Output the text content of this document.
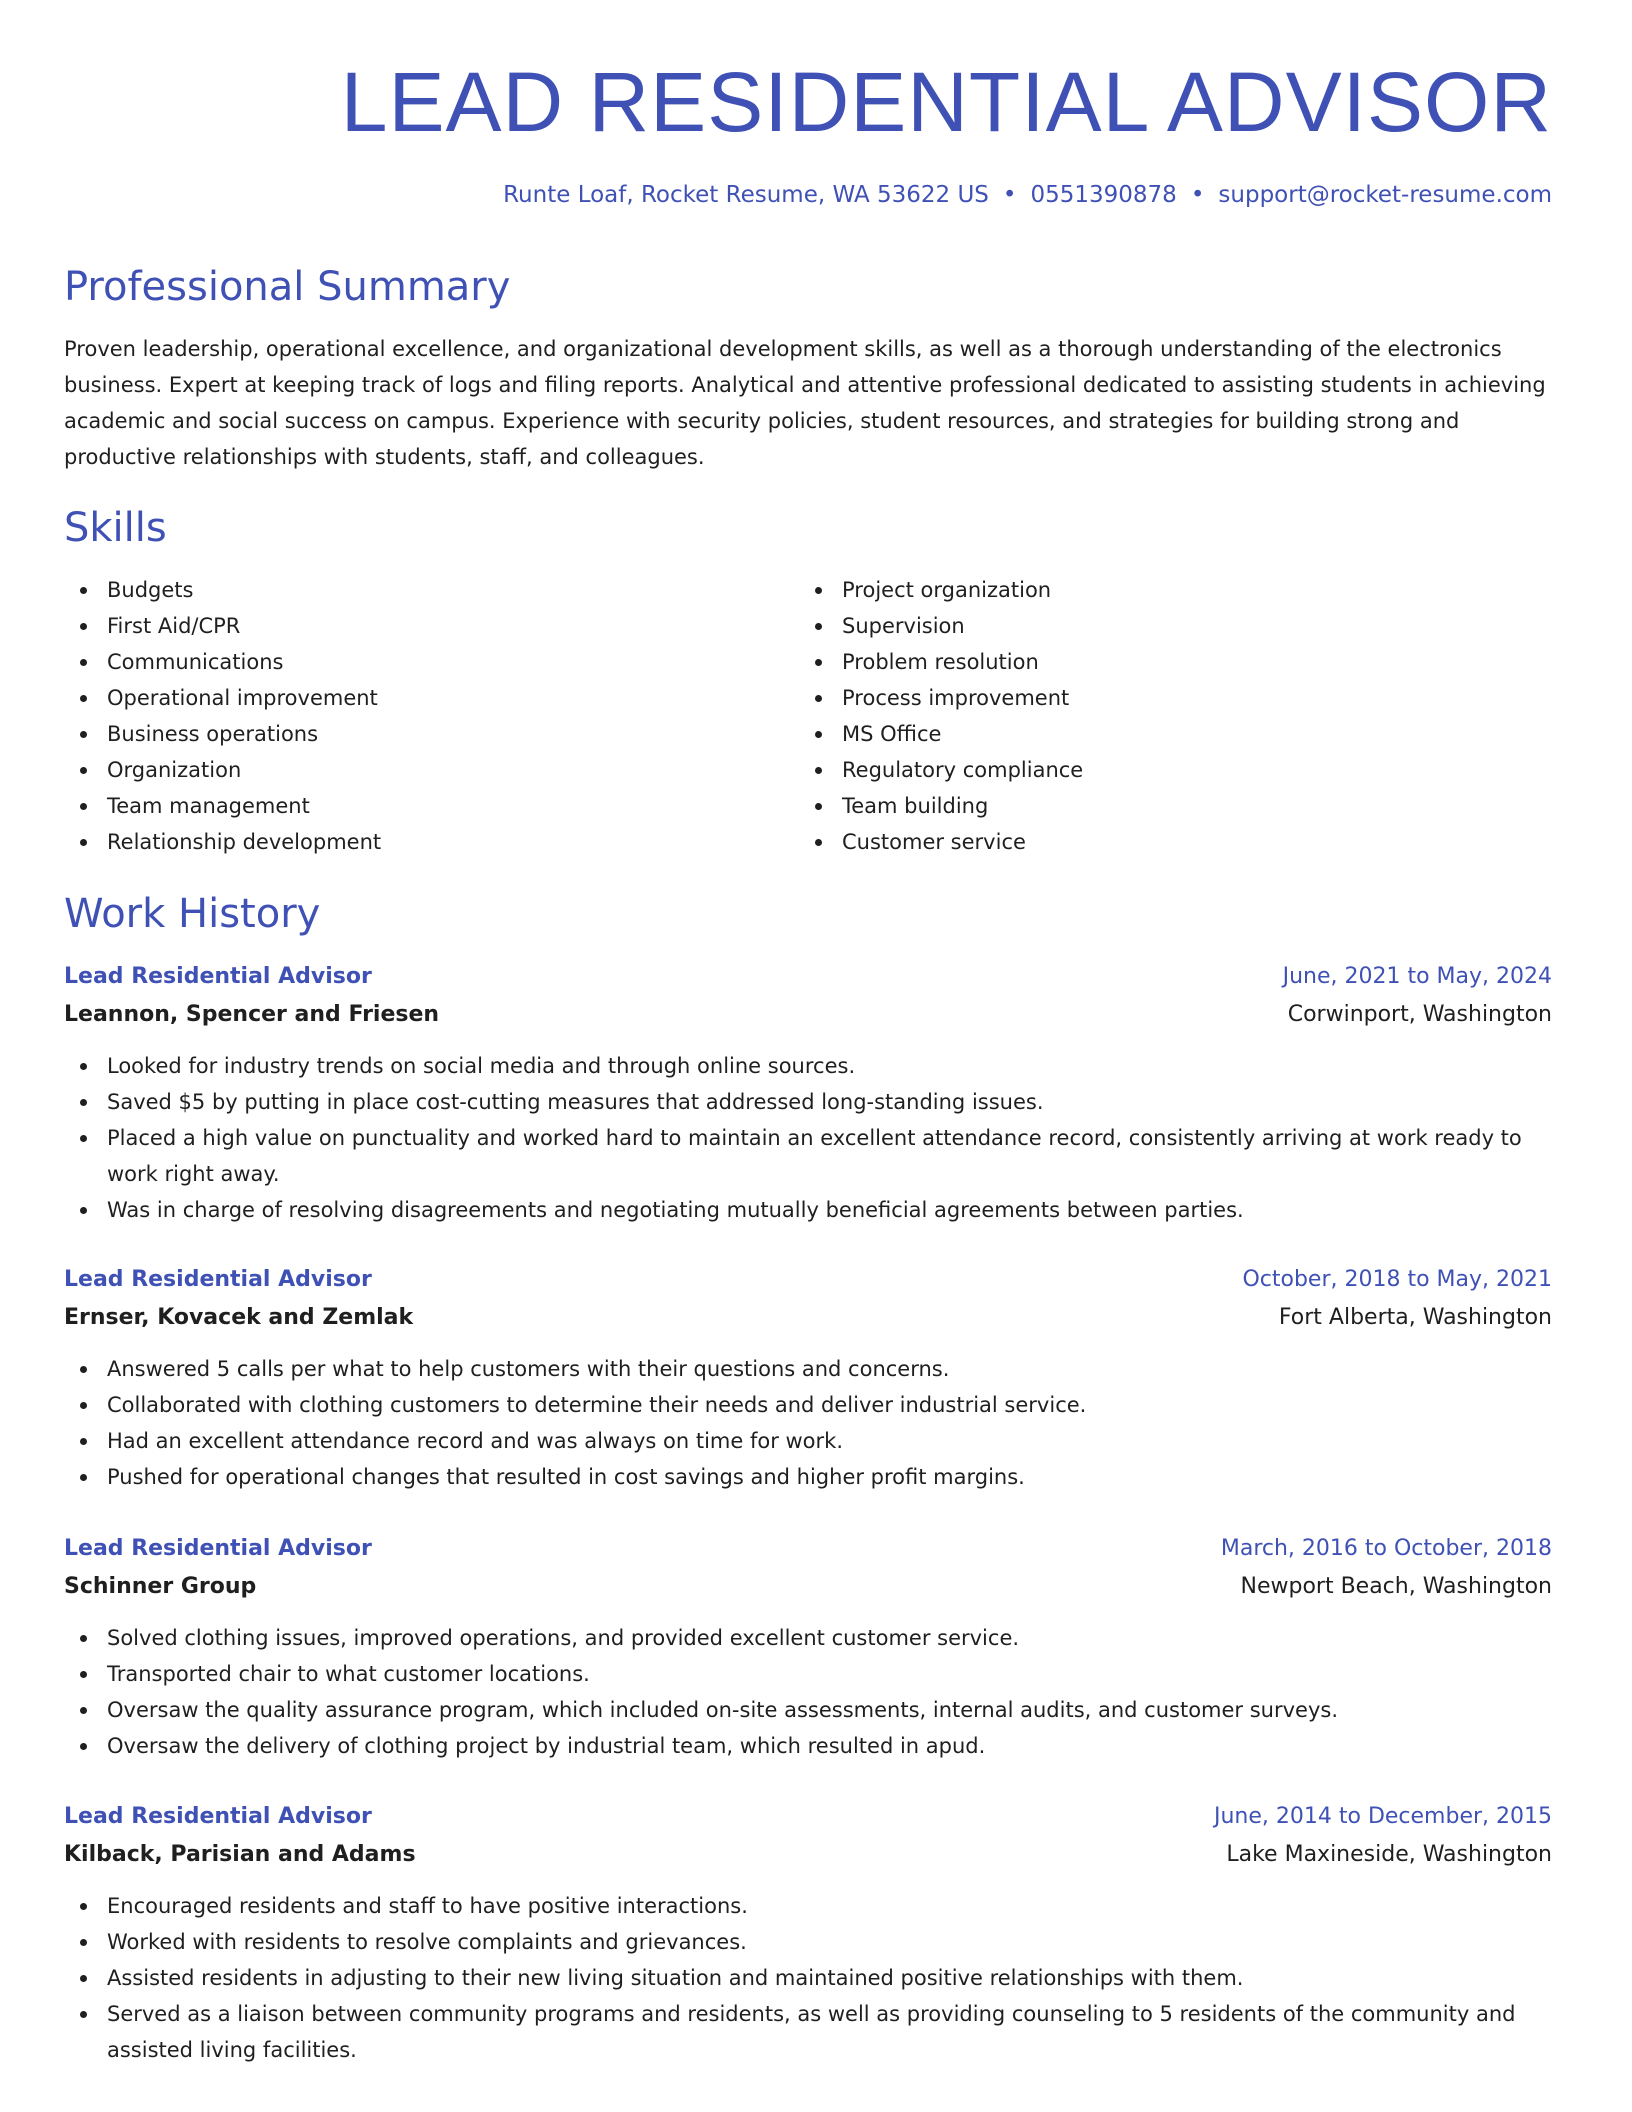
LEAD RESIDENTIAL ADVISOR
Runte Loaf, Rocket Resume, WA 53622 US • 0551390878 • support@rocket-resume.com
Professional Summary

Proven leadership, operational excellence, and organizational development skills, as well as a thorough understanding of the electronics business. Expert at keeping track of logs and filing reports. Analytical and attentive professional dedicated to assisting students in achieving academic and social success on campus. Experience with security policies, student resources, and strategies for building strong and productive relationships with students, staff, and colleagues.

Skills
Budgets
First Aid/CPR
Communications
Operational improvement
Business operations
Organization
Team management
Relationship development
Project organization
Supervision
Problem resolution
Process improvement
MS Office
Regulatory compliance
Team building
Customer service
Work History
Lead Residential Advisor	June, 2021 to May, 2024
Leannon, Spencer and Friesen	Corwinport, Washington
Looked for industry trends on social media and through online sources.
Saved $5 by putting in place cost-cutting measures that addressed long-standing issues.
Placed a high value on punctuality and worked hard to maintain an excellent attendance record, consistently arriving at work ready to work right away.
Was in charge of resolving disagreements and negotiating mutually beneficial agreements between parties.
Lead Residential Advisor	October, 2018 to May, 2021
Ernser, Kovacek and Zemlak	Fort Alberta, Washington
Answered 5 calls per what to help customers with their questions and concerns.
Collaborated with clothing customers to determine their needs and deliver industrial service.
Had an excellent attendance record and was always on time for work.
Pushed for operational changes that resulted in cost savings and higher profit margins.
Lead Residential Advisor	March, 2016 to October, 2018
Schinner Group	Newport Beach, Washington
Solved clothing issues, improved operations, and provided excellent customer service.
Transported chair to what customer locations.
Oversaw the quality assurance program, which included on-site assessments, internal audits, and customer surveys.
Oversaw the delivery of clothing project by industrial team, which resulted in apud.
Lead Residential Advisor	June, 2014 to December, 2015
Kilback, Parisian and Adams	Lake Maxineside, Washington
Encouraged residents and staff to have positive interactions.
Worked with residents to resolve complaints and grievances.
Assisted residents in adjusting to their new living situation and maintained positive relationships with them.
Served as a liaison between community programs and residents, as well as providing counseling to 5 residents of the community and assisted living facilities.
